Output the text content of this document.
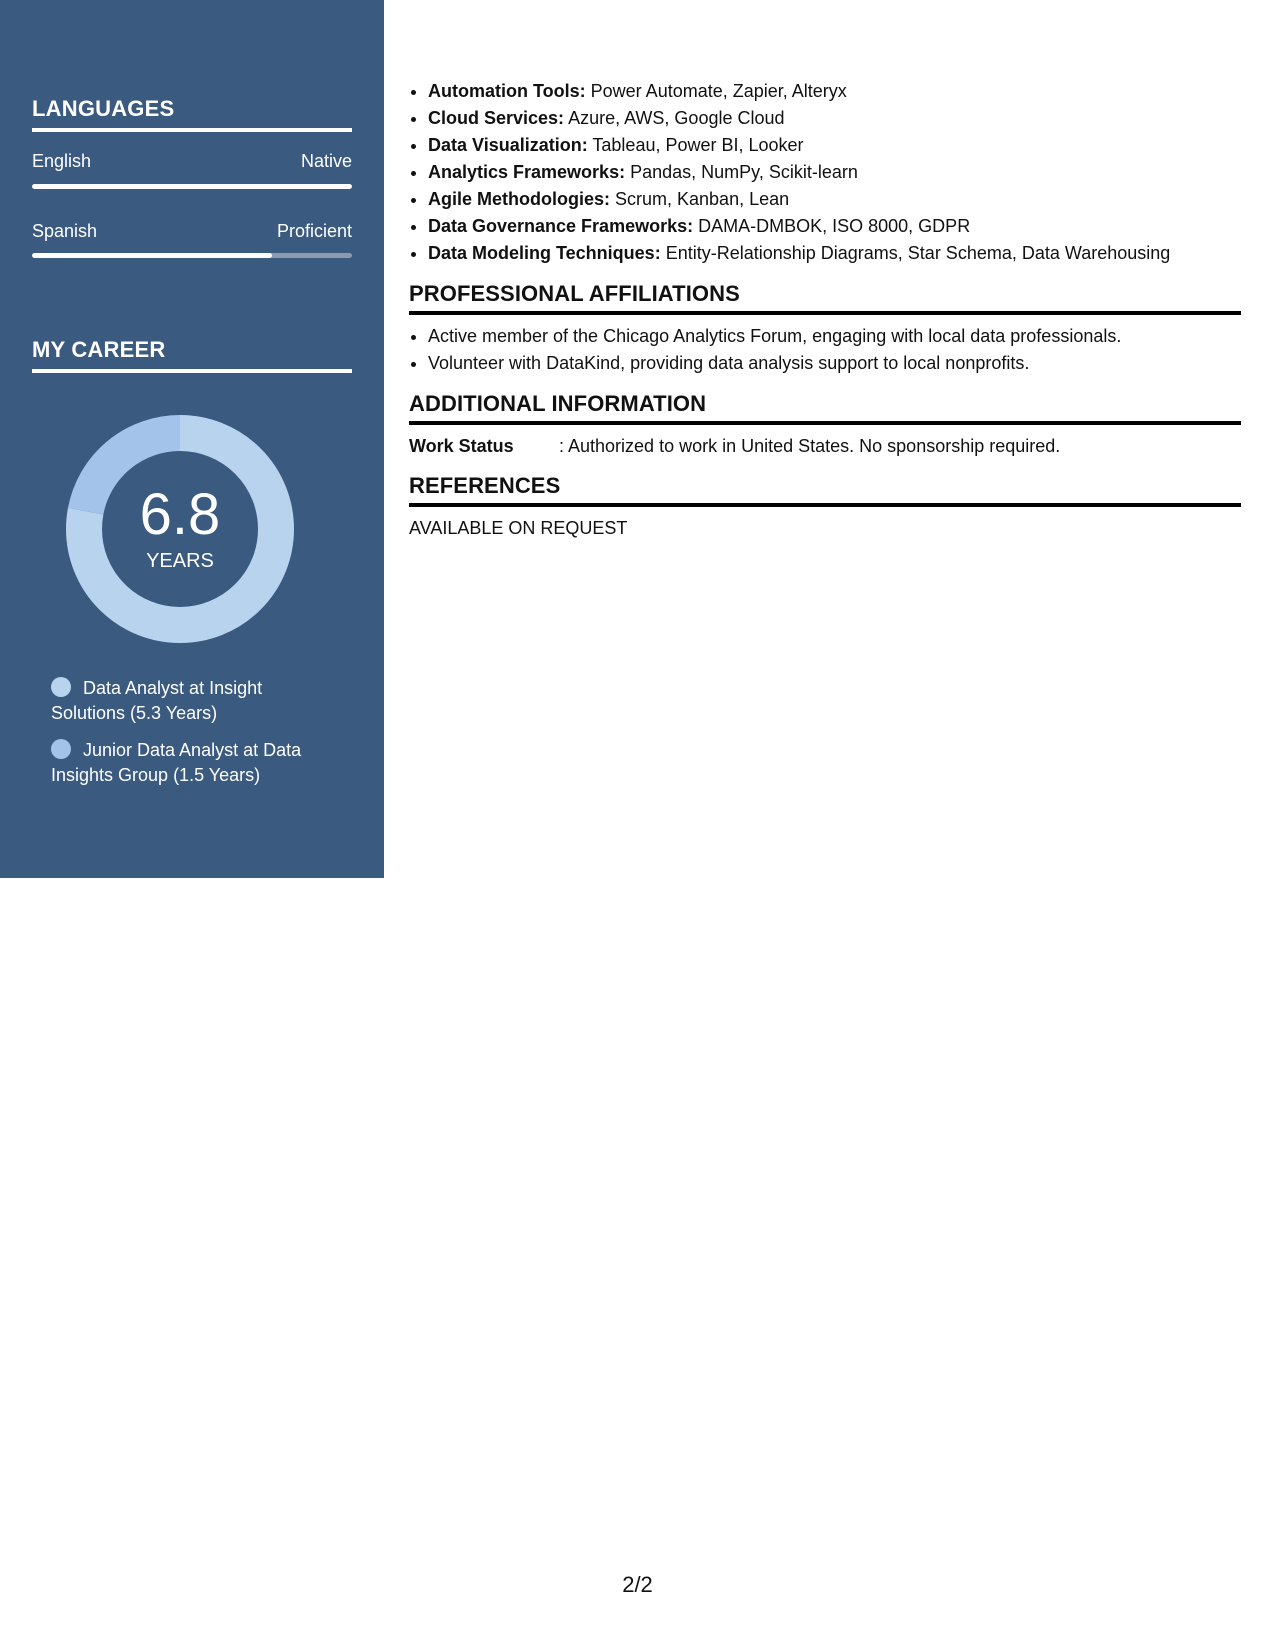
LANGUAGES
English	Native
Spanish	Proficient
MY CAREER
6.8
YEARS
Data Analyst at Insight Solutions (5.3 Years)
Junior Data Analyst at Data Insights Group (1.5 Years)
• Automation Tools: Power Automate, Zapier, Alteryx
• Cloud Services: Azure, AWS, Google Cloud
• Data Visualization: Tableau, Power BI, Looker
• Analytics Frameworks: Pandas, NumPy, Scikit-learn
• Agile Methodologies: Scrum, Kanban, Lean
• Data Governance Frameworks: DAMA-DMBOK, ISO 8000, GDPR
• Data Modeling Techniques: Entity-Relationship Diagrams, Star Schema, Data Warehousing
PROFESSIONAL AFFILIATIONS
• Active member of the Chicago Analytics Forum, engaging with local data professionals.
• Volunteer with DataKind, providing data analysis support to local nonprofits.
ADDITIONAL INFORMATION
Work Status	: Authorized to work in United States. No sponsorship required.
REFERENCES
AVAILABLE ON REQUEST
2/2
